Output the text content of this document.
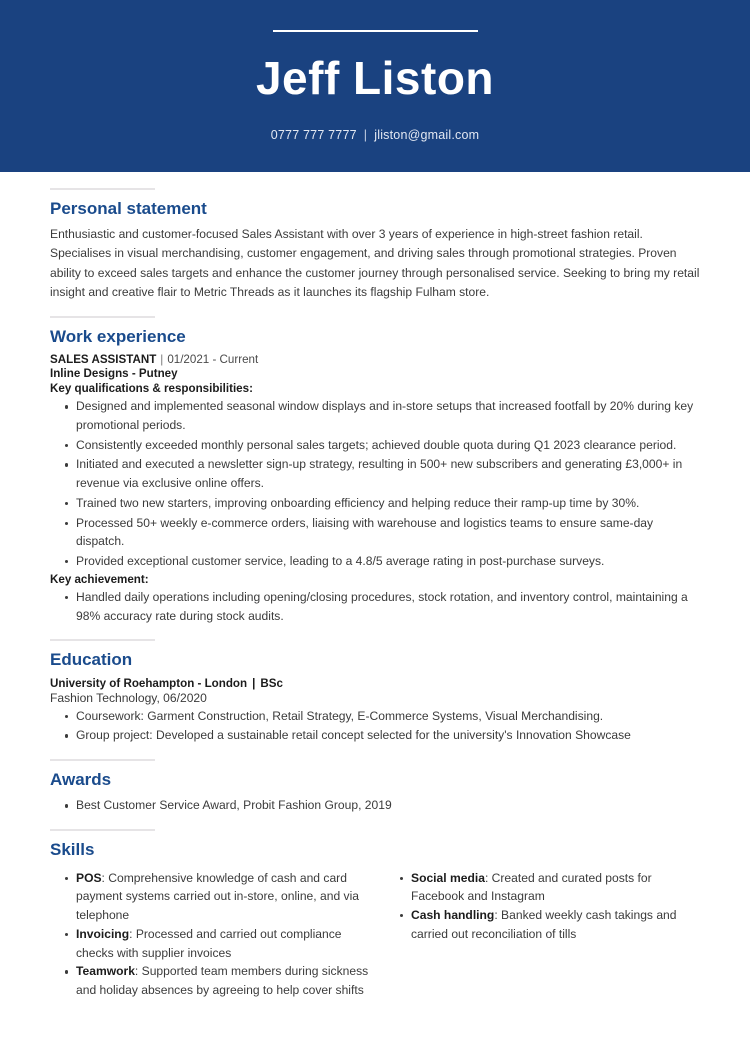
Jeff Liston
0777 777 7777 | jliston@gmail.com
Personal statement

Enthusiastic and customer-focused Sales Assistant with over 3 years of experience in high-street fashion retail. Specialises in visual merchandising, customer engagement, and driving sales through promotional strategies. Proven ability to exceed sales targets and enhance the customer journey through personalised service. Seeking to bring my retail insight and creative flair to Metric Threads as it launches its flagship Fulham store.

Work experience
SALES ASSISTANT | 01/2021 - Current
Inline Designs - Putney
Key qualifications & responsibilities:
Designed and implemented seasonal window displays and in-store setups that increased footfall by 20% during key promotional periods.
Consistently exceeded monthly personal sales targets; achieved double quota during Q1 2023 clearance period.
Initiated and executed a newsletter sign-up strategy, resulting in 500+ new subscribers and generating £3,000+ in revenue via exclusive online offers.
Trained two new starters, improving onboarding efficiency and helping reduce their ramp-up time by 30%.
Processed 50+ weekly e-commerce orders, liaising with warehouse and logistics teams to ensure same-day dispatch.
Provided exceptional customer service, leading to a 4.8/5 average rating in post-purchase surveys.
Key achievement:
Handled daily operations including opening/closing procedures, stock rotation, and inventory control, maintaining a 98% accuracy rate during stock audits.
Education
University of Roehampton - London | BSc
Fashion Technology, 06/2020
Coursework: Garment Construction, Retail Strategy, E-Commerce Systems, Visual Merchandising.
Group project: Developed a sustainable retail concept selected for the university's Innovation Showcase
Awards
Best Customer Service Award, Probit Fashion Group, 2019
Skills
POS: Comprehensive knowledge of cash and card payment systems carried out in-store, online, and via telephone
Invoicing: Processed and carried out compliance checks with supplier invoices
Teamwork: Supported team members during sickness and holiday absences by agreeing to help cover shifts
Social media: Created and curated posts for Facebook and Instagram
Cash handling: Banked weekly cash takings and carried out reconciliation of tills
